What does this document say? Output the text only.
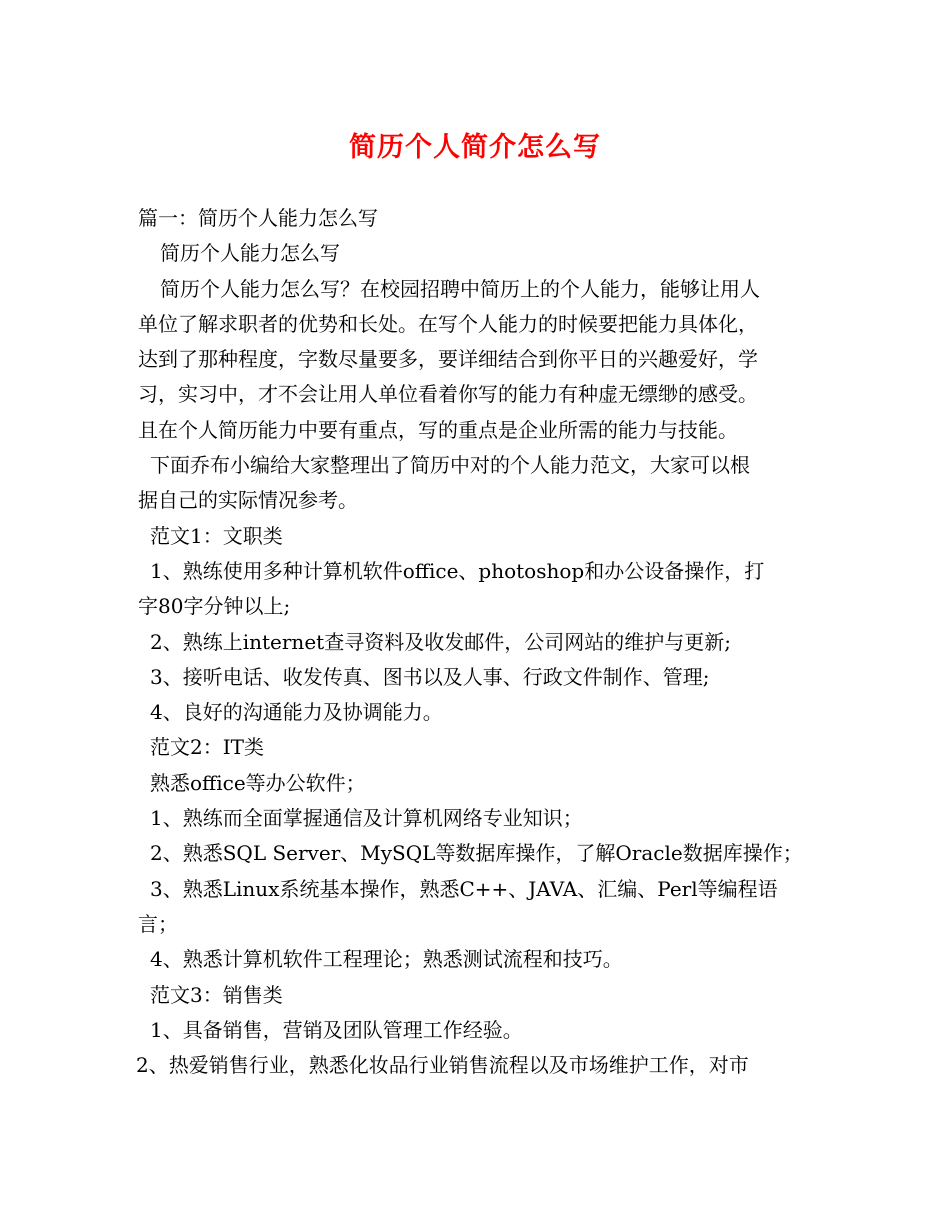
简历个人简介怎么写
篇一：简历个人能力怎么写
简历个人能力怎么写
简历个人能力怎么写？在校园招聘中简历上的个人能力，能够让用人
单位了解求职者的优势和长处。在写个人能力的时候要把能力具体化，
达到了那种程度，字数尽量要多，要详细结合到你平日的兴趣爱好，学
习，实习中，才不会让用人单位看着你写的能力有种虚无缥缈的感受。
且在个人简历能力中要有重点，写的重点是企业所需的能力与技能。
下面乔布小编给大家整理出了简历中对的个人能力范文，大家可以根
据自己的实际情况参考。
范文1：文职类
1、熟练使用多种计算机软件office、photoshop和办公设备操作，打
字80字分钟以上;
2、熟练上internet查寻资料及收发邮件，公司网站的维护与更新;
3、接听电话、收发传真、图书以及人事、行政文件制作、管理;
4、良好的沟通能力及协调能力。
范文2：IT类
熟悉office等办公软件；
1、熟练而全面掌握通信及计算机网络专业知识；
2、熟悉SQL Server、MySQL等数据库操作，了解Oracle数据库操作；
3、熟悉Linux系统基本操作，熟悉C++、JAVA、汇编、Perl等编程语
言；
4、熟悉计算机软件工程理论；熟悉测试流程和技巧。
范文3：销售类
1、具备销售，营销及团队管理工作经验。
2、热爱销售行业，熟悉化妆品行业销售流程以及市场维护工作，对市
